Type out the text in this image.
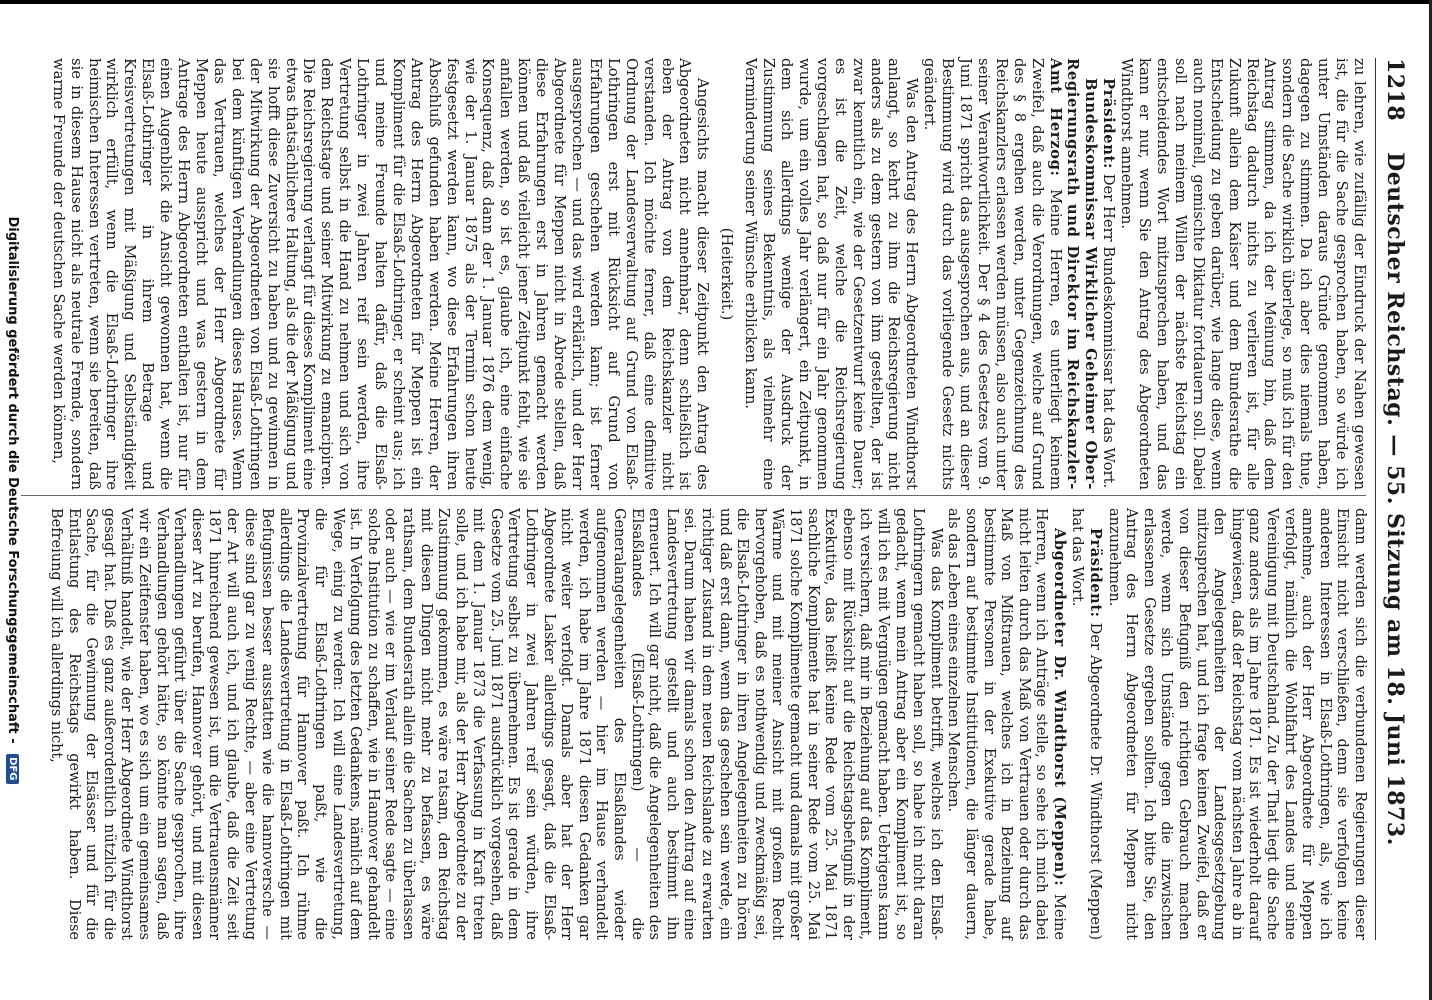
1218
Deutscher Reichstag. — 55. Sitzung am 18. Juni 1873.

zu lehren, wie zufällig der Eindruck der Nahen gewesen ist, die für die Sache gesprochen haben, so würde ich unter Umständen daraus Gründe genommen haben, dagegen zu stimmen. Da ich aber dies niemals thue, sondern die Sache wirklich überlege, so muß ich für den Antrag stimmen, da ich der Meinung bin, daß dem Reichstag dadurch nichts zu verlieren ist, für alle Zukunft allein dem Kaiser und dem Bundesrathe die Entscheidung zu geben darüber, wie lange diese, wenn auch nominell, gemischte Diktatur fortdauern soll. Dabei soll nach meinem Willen der nächste Reichstag ein entscheidendes Wort mitzusprechen haben, und das kann er nur, wenn Sie den Antrag des Abgeordneten Windthorst annehmen.

Präsident: Der Herr Bundeskommissar hat das Wort.

Bundeskommissar Wirklicher Geheimer Ober-Regierungsrath und Direktor im Reichskanzler-Amt Herzog: Meine Herren, es unterliegt keinem Zweifel, daß auch die Verordnungen, welche auf Grund des § 8 ergehen werden, unter Gegenzeichnung des Reichskanzlers erlassen werden müssen, also auch unter seiner Verantwortlichkeit. Der § 4 des Gesetzes vom 9. Juni 1871 spricht das ausgesprochen aus, und an dieser Bestimmung wird durch das vorliegende Gesetz nichts geändert.

Was den Antrag des Herrn Abgeordneten Windthorst anlangt, so kehrt zu ihm die Reichsregierung nicht anders als zu dem gestern von ihm gestellten, der ist zwar kenntlich ein, wie der Gesetzentwurf keine Dauer; es ist die Zeit, welche die Reichsregierung vorgeschlagen hat, so daß nur für ein Jahr genommen wurde, um ein volles Jahr verlängert, ein Zeitpunkt, in dem sich allerdings wenige der Ausdruck der Zustimmung seines Bekenntnis, als vielmehr eine Verminderung seiner Wünsche erblicken kann.

(Heiterkeit.)

Angesichts macht dieser Zeitpunkt den Antrag des Abgeordneten nicht annehmbar, denn schließlich ist eben der Antrag von dem Reichskanzler nicht verstanden. Ich möchte ferner, daß eine definitive Ordnung der Landesverwaltung auf Grund von Elsaß-Lothringen erst mit Rücksicht auf Grund von Erfahrungen geschehen werden kann; ist ferner ausgesprochen — und das wird erklärlich, und der Herr Abgeordnete für Meppen nicht in Abrede stellen, daß diese Erfahrungen erst in Jahren gemacht werden können und daß vielleicht jener Zeitpunkt fehlt, wie sie anfallen werden, so ist es, glaube ich, eine einfache Konsequenz, daß dann der 1. Januar 1876 dem wenig, wie der 1. Januar 1875 als der Termin schon heute festgesetzt werden kann, wo diese Erfahrungen ihren Abschluß gefunden haben werden. Meine Herren, der Antrag des Herrn Abgeordneten für Meppen ist ein Kompliment für die Elsaß-Lothringer, er scheint aus; ich und meine Freunde halten dafür, daß die Elsaß-Lothringer in zwei Jahren reif sein werden, ihre Vertretung selbst in die Hand zu nehmen und sich von dem Reichstage und seiner Mitwirkung zu emancipiren. Die Reichsregierung verlangt für dieses Kompliment eine etwas thatsächlichere Haltung, als die der Mäßigung und sie hofft diese Zuversicht zu haben und zu gewinnen in der Mitwirkung der Abgeordneten von Elsaß-Lothringen bei dem künftigen Verhandlungen dieses Hauses. Wenn das Vertrauen, welches der Herr Abgeordnete für Meppen heute ausspricht und was gestern in dem Antrage des Herrn Abgeordneten enthalten ist, nur für einen Augenblick die Ansicht gewonnen hat, wenn die Elsaß-Lothringer in ihrem Betrage und Kreisvertretungen mit Mäßigung und Selbständigkeit wirklich erfüllt, wenn die Elsaß-Lothringer ihre heimischen Interessen vertreten, wenn sie bereiten, daß sie in diesem Hause nicht als neutrale Fremde, sondern warme Freunde der deutschen Sache werden können,

dann werden sich die verbundenen Regierungen dieser Einsicht nicht verschließen, denn sie verfolgen keine anderen Interessen in Elsaß-Lothringen, als, wie ich annehme, auch der Herr Abgeordnete für Meppen verfolgt, nämlich die Wohlfahrt des Landes und seine Vereinigung mit Deutschland. Zu der That liegt die Sache ganz anders als im Jahre 1871. Es ist wiederholt darauf hingewiesen, daß der Reichstag vom nächsten Jahre ab in den Angelegenheiten der Landesgesetzgebung mitzusprechen hat, und ich frage keinen Zweifel, daß er von dieser Befugniß den richtigen Gebrauch machen werde, wenn sich Umstände gegen die inzwischen erlassenen Gesetze ergeben sollten. Ich bitte Sie, den Antrag des Herrn Abgeordneten für Meppen nicht anzunehmen.

Präsident: Der Abgeordnete Dr. Windthorst (Meppen) hat das Wort.

Abgeordneter Dr. Windthorst (Meppen): Meine Herren, wenn ich Anträge stelle, so sehe ich mich dabei nicht leiten durch das Maß von Vertrauen oder durch das Maß von Mißtrauen, welches ich in Beziehung auf bestimmte Personen in der Exekutive gerade habe, sondern auf bestimmte Institutionen, die länger dauern, als das Leben eines einzelnen Menschen.

Was das Kompliment betrifft, welches ich den Elsaß-Lothringern gemacht haben soll, so habe ich nicht daran gedacht, wenn mein Antrag aber ein Kompliment ist, so will ich es mit Vergnügen gemacht haben. Uebrigens kann ich versichern, daß mir in Beziehung auf das Kompliment, ebenso mit Rücksicht auf die Reichstagsbefugniß in der Exekutive, das heißt keine Rede vom 25. Mai 1871 sachliche Komplimente hat in seiner Rede vom 25. Mai 1871 solche Komplimente gemacht und damals mit großer Wärme und mit meiner Ansicht mit großem Recht hervorgehoben, daß es nothwendig und zweckmäßig sei, die Elsaß-Lothringer in ihren Angelegenheiten zu hören und daß erst dann, wenn das geschehen sein werde, ein richtiger Zustand in dem neuen Reichslande zu erwarten sei. Darum haben wir damals schon den Antrag auf eine Landesvertretung gestellt und auch bestimmt ihn erneuert. Ich will gar nicht, daß die Angelegenheiten des Elsaßlandes (Elsaß-Lothringen) — die Generalangelegenheiten des Elsaßlandes wieder aufgenommen werden — hier im Hause verhandelt werden, ich habe im Jahre 1871 diesen Gedanken gar nicht weiter verfolgt. Damals aber hat der Herr Abgeordnete Lasker allerdings gesagt, daß die Elsaß-Lothringer in zwei Jahren reif sein würden, ihre Vertretung selbst zu übernehmen. Es ist gerade in dem Gesetze vom 25. Juni 1871 ausdrücklich vorgesehen, daß mit dem 1. Januar 1873 die Verfassung in Kraft treten solle, und ich habe mir, als der Herr Abgeordnete zu der Zustimmung gekommen, es wäre ratsam, den Reichstag mit diesen Dingen nicht mehr zu befassen, es wäre rathsam, dem Bundesrath allein die Sachen zu überlassen oder auch — wie er im Verlauf seiner Rede sagte — eine solche Institution zu schaffen, wie in Hannover gehandelt ist. In Verfolgung des letzten Gedankens, nämlich auf dem Wege, einig zu werden: Ich will eine Landesvertretung, die für Elsaß-Lothringen paßt, wie die Provinzialvertretung für Hannover paßt. Ich rühme allerdings die Landesvertretung in Elsaß-Lothringen mit Befugnissen besser ausstatten wie die hannoversche — diese sind gar zu wenig Rechte, — aber eine Vertretung der Art will auch ich, und ich glaube, daß die Zeit seit 1871 hinreichend gewesen ist, um die Vertrauensmänner dieser Art zu berufen, Hannover gehört, und mit diesen Verhandlungen geführt über die Sache gesprochen, ihre Verhandlungen gehört hätte, so könnte man sagen, daß wir ein Zeitfenster haben, wo es sich um ein gemeinsames Verhältniß handelt, wie der Herr Abgeordnete Windthorst gesagt hat. Daß es ganz außerordentlich nützlich für die Sache, für die Gewinnung der Elsässer und für die Entlastung des Reichstags gewirkt haben. Diese Befreiung will ich allerdings nicht,

Digitalisierung gefördert durch die Deutsche Forschungsgemeinschaft - DFG
